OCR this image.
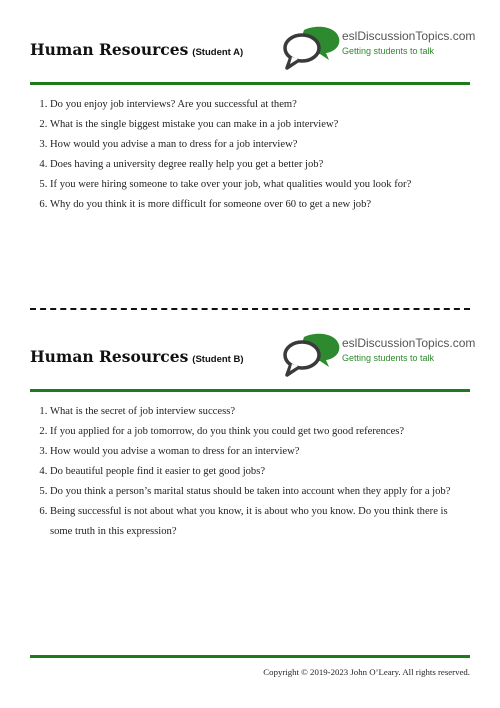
Human Resources (Student A)
eslDiscussionTopics.com
Getting students to talk
1. Do you enjoy job interviews? Are you successful at them?
2. What is the single biggest mistake you can make in a job interview?
3. How would you advise a man to dress for a job interview?
4. Does having a university degree really help you get a better job?
5. If you were hiring someone to take over your job, what qualities would you look for?
6. Why do you think it is more difficult for someone over 60 to get a new job?
Human Resources (Student B)
eslDiscussionTopics.com
Getting students to talk
1. What is the secret of job interview success?
2. If you applied for a job tomorrow, do you think you could get two good references?
3. How would you advise a woman to dress for an interview?
4. Do beautiful people find it easier to get good jobs?
5. Do you think a person’s marital status should be taken into account when they apply for a job?
6. Being successful is not about what you know, it is about who you know. Do you think there is some truth in this expression?
Copyright © 2019-2023 John O’Leary. All rights reserved.
